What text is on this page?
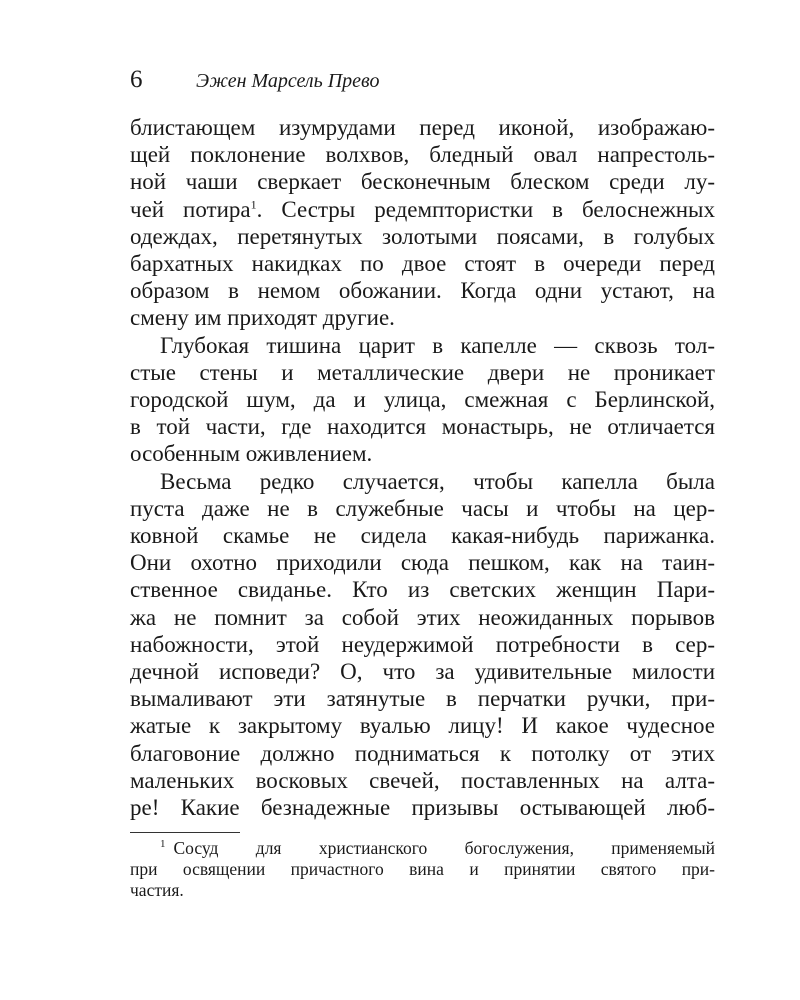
6	Эжен Марсель Прево
блистающем изумрудами перед иконой, изображаю-
щей поклонение волхвов, бледный овал напрестоль-
ной чаши сверкает бесконечным блеском среди лу-
чей потира$^1$. Сестры редемптористки в белоснежных
одеждах, перетянутых золотыми поясами, в голубых
бархатных накидках по двое стоят в очереди перед
образом в немом обожании. Когда одни устают, на
смену им приходят другие.
Глубокая тишина царит в капелле — сквозь тол-
стые стены и металлические двери не проникает
городской шум, да и улица, смежная с Берлинской,
в той части, где находится монастырь, не отличается
особенным оживлением.
Весьма редко случается, чтобы капелла была
пуста даже не в служебные часы и чтобы на цер-
ковной скамье не сидела какая-нибудь парижанка.
Они охотно приходили сюда пешком, как на таин-
ственное свиданье. Кто из светских женщин Пари-
жа не помнит за собой этих неожиданных порывов
набожности, этой неудержимой потребности в сер-
дечной исповеди? О, что за удивительные милости
вымаливают эти затянутые в перчатки ручки, при-
жатые к закрытому вуалью лицу! И какое чудесное
благовоние должно подниматься к потолку от этих
маленьких восковых свечей, поставленных на алта-
ре! Какие безнадежные призывы остывающей люб-
$^1$ Сосуд для христианского богослужения, применяемый
при освящении причастного вина и принятии святого при-
частия.
